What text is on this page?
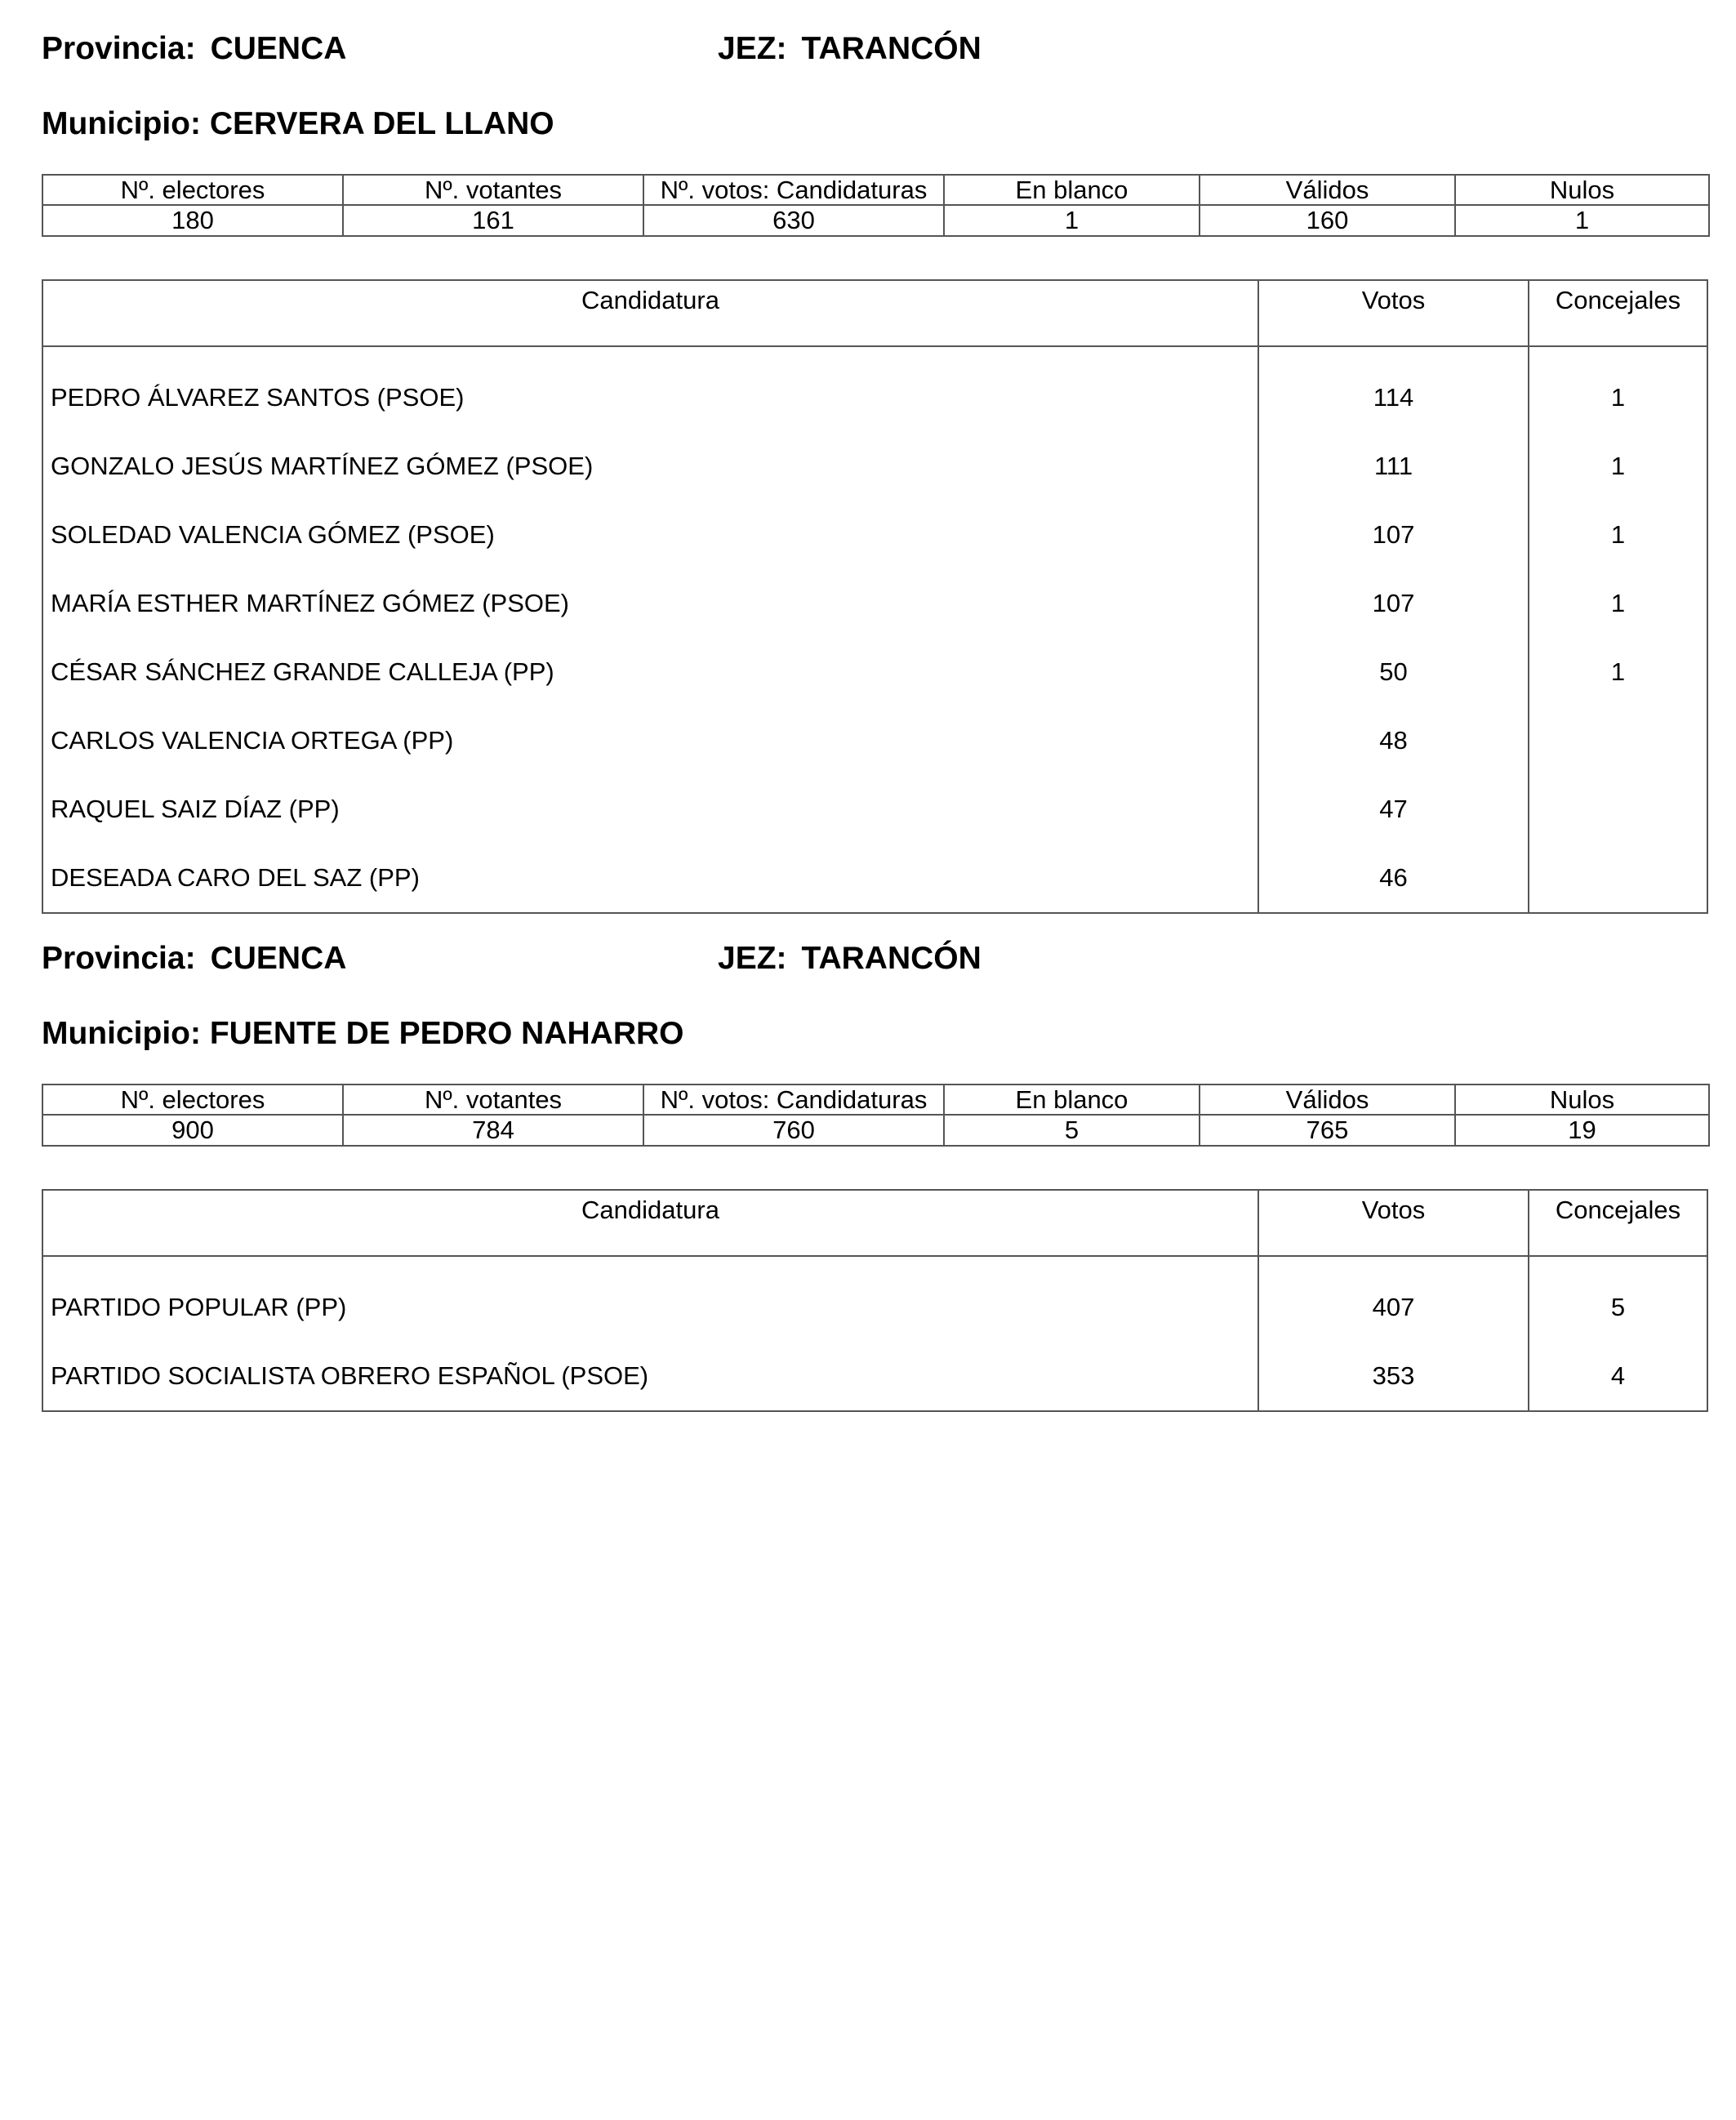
Provincia: CUENCA	JEZ: TARANCÓN
Municipio: CERVERA DEL LLANO
Nº. electores	Nº. votantes	Nº. votos: Candidaturas	En blanco	Válidos	Nulos
180	161	630	1	160	1
Candidatura	Votos	Concejales
PEDRO ÁLVAREZ SANTOS (PSOE)	114	1
GONZALO JESÚS MARTÍNEZ GÓMEZ (PSOE)	111	1
SOLEDAD VALENCIA GÓMEZ (PSOE)	107	1
MARÍA ESTHER MARTÍNEZ GÓMEZ (PSOE)	107	1
CÉSAR SÁNCHEZ GRANDE CALLEJA (PP)	50	1
CARLOS VALENCIA ORTEGA (PP)	48
RAQUEL SAIZ DÍAZ (PP)	47
DESEADA CARO DEL SAZ (PP)	46
Provincia: CUENCA	JEZ: TARANCÓN
Municipio: FUENTE DE PEDRO NAHARRO
Nº. electores	Nº. votantes	Nº. votos: Candidaturas	En blanco	Válidos	Nulos
900	784	760	5	765	19
Candidatura	Votos	Concejales
PARTIDO POPULAR (PP)	407	5
PARTIDO SOCIALISTA OBRERO ESPAÑOL (PSOE)	353	4
